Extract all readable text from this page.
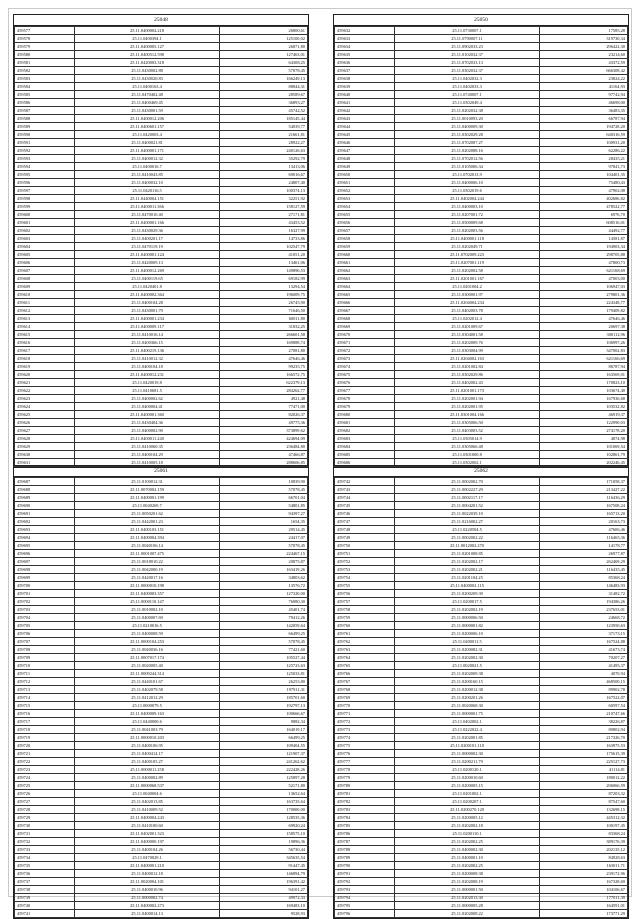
25048
459577	25.11.0400004.218	26800,61
459578	25.11.0400394.1	125100,02
459579	25.11.0400005.127	26871,80
459580	25.11.0400512.598	127463,01
459581	25.11.0420003.318	64308,25
459582	25.11.0430002.88	57078,45
459583	25.11.0430020.83	166249,13
459584	25.11.0400163.4	88844,31
459585	25.11.0470402.48	28589,67
459586	25.11.0400469.45	36893,27
459587	25.11.0430001.59	45742,52
459588	25.11.0400012.206	185145,44
459589	25.11.0400601.157	54039,77
459590	25.11.0420003.4	21661,81
459591	25.11.0400021.81	28922,27
459592	25.11.0400001.171	240126,63
459593	25.11.0400012.32	35292,79
459594	25.11.0400016.7	13413,06
459595	25.11.0410043.85	69016,67
459596	25.11.0400032.10	24807,40
459597	25.11.0420116.5	100374,13
459598	25.11.0440004.151	32251,92
459599	25.11.0400011.366	158127,59
459600	25.11.0470010.40	27171,81
459601	25.11.0400001.166	43453,52
459602	25.11.0430029.36	16327,99
459603	25.11.0400201.17	14733,86
459604	25.11.0470119.19	102547,79
459605	25.11.0400001.124	41051,20
459606	25.11.0420009.13	13461,06
459607	25.11.0400012.269	149896,53
459608	25.11.0400119.65	69182,99
459609	25.11.0420401.8	13294,54
459610	25.11.0400002.364	196009,75
459611	25.11.0400104.28	26745,90
459612	25.11.0430001.79	71646,50
459613	25.11.0400001.234	60011,80
459614	25.11.0400009.117	31832,25
459615	25.11.0410016.14	266601,58
459616	25.11.0400366.15	169888,74
459617	25.11.0400219.136	27081,80
459618	25.11.0410012.32	47646,46
459619	25.11.0400104.18	99235,75
459620	25.11.0400012.231	166572,75
459621	25.11.0420019.8	622379,13
459622	25.11.0410681.5	284262,77
459623	25.11.0400002.62	4921,48
459624	25.11.0400004.41	77471,00
459625	25.11.0400001.360	82026,37
459626	25.11.0430404.36	49775,36
459627	25.11.0400002.90	373899,62
459628	25.11.0400011.240	424694,09
459629	25.11.0410060.35	236484,80
459630	25.11.0400104.29	47466,87
459631	25.11.0410005.18	288606,85
25050
459632	25.11.0730007.1	17585,28
459633	25.11.0790007.11	319730,34
459634	25.11.0902033.23	296422,30
459635	25.11.0102032.37	23214,60
459636	25.11.0702033.13	43372,59
459637	25.11.0302032.37	666308,42
459638	25.11.0402032.3	23824,22
459639	25.11.0402033.3	41164,93
459640	25.11.0740007.1	97742,94
459641	25.11.0302049.4	46698,00
459642	25.11.0202032.38	36483,35
459643	25.11.0010093.20	66787,94
459644	25.11.0400009.30	194728,20
459645	25.11.0302029.28	640316,59
459646	25.11.0702087.27	100931,20
459647	25.11.0202088.16	62286,22
459648	25.11.0702012.56	28435,21
459649	25.11.0105006.34	97841,73
459650	25.11.0702013.9	104401,35
459651	25.11.0400006.10	75480,43
459652	25.11.0302019.6	47902,08
459653	25.11.0402004.244	402686,82
459654	25.11.0400003.10	478522,77
459655	25.11.0207001.72	6976,70
459656	25.11.0500009.68	608516,01
459657	25.11.0202003.56	44492,77
459658	25.11.0400001.118	14581,87
459659	25.11.0202049.71	194903,34
459660	25.11.0702009.223	298705,88
459661	25.11.0207001.119	47800,73
459662	25.11.0202002.58	621168,69
459663	25.11.0201001.167	47003,00
459664	25.11.0201004.2	106947,03
459665	25.11.0300001.97	279801,36
459666	25.11.0204004.234	224348,77
459667	25.11.0402003.78	179409,82
459668	25.11.0202012.4	47646,46
459669	25.11.0201009.67	20697,38
459670	25.11.0304001.58	300112,96
459671	25.11.0202009.76	106997,26
459672	25.11.0303004.99	347002,83
459673	25.11.0204002.163	621166,69
459674	25.11.0201002.84	86787,94
459675	25.11.0302029.86	163569,01
459676	25.11.0402002.43	170823,10
459677	25.11.0201001.173	103674,40
459678	25.11.0202001.94	167936,68
459679	25.11.0202001.95	103532,82
459680	25.11.0301004.166	46919,37
459681	25.11.0305006.50	122990,03
459682	25.11.0403003.52	274178,20
459683	25.11.0305014.9	4874,98
459684	25.11.0305066.48	101069,54
459685	25.11.0301000.8	102861,79
459686	25.11.0302002.1	202246,45
25061
459687	25.11.0100012.31	10839,90
459688	25.11.0070002.159	57078,45
459689	25.11.0400001.199	66701,04
459690	25.11.0040269.7	54801,85
459691	25.11.0050201.62	94397,27
459692	25.11.0442001.23	1654,35
459693	25.11.0400103.151	29514,45
459694	25.11.0400004.394	24417,07
459695	25.11.0040106.14	57078,45
459696	25.11.0001007.475	224467,15
459697	25.11.0018010.22	20875,87
459698	25.11.0042000.19	163419,26
459699	25.11.0420017.16	34803,62
459700	25.11.0000010.198	13576,72
459701	25.11.0400003.357	127320,00
459702	25.11.0000110.147	76080,30
459703	25.11.0010002.10	45401,74
459704	25.11.0400007.69	79412,26
459705	25.11.0210016.5	142059,64
459706	25.11.0400008.59	66499,25
459707	25.11.0000104.253	57078,45
459708	25.11.0040036.16	77421,60
459709	25.11.0007017.174	105527,44
459710	25.11.0020005.40	125723,63
459711	25.11.0009244.314	125033,81
459712	25.11.0440101.67	26253,80
459713	25.11.0402079.58	197911,31
459714	25.11.0412012.29	185701,60
459715	25.11.0000079.5	192797,13
459716	25.11.0400009.163	100666,67
459717	25.11.0440000.6	9882,34
459718	25.11.0041003.79	164019,17
459719	25.11.0000010.203	66499,25
459720	25.11.0400106.95	109404,55
459721	25.11.0400414.17	121907,37
459722	25.11.0400105.27	241262,62
459723	25.11.0000011.258	222428,26
459724	25.11.0400002.89	125897,28
459725	25.11.0000068.537	52171,80
459726	25.11.0040004.6	13652,64
459727	25.11.0402013.85	163735,64
459728	25.11.0410009.52	170000,00
459729	25.11.0400004.243	128535,36
459730	25.11.0410100.60	69920,24
459731	25.11.0402001.323	158575,10
459732	25.11.0400000.197	19896,36
459733	25.11.0400104.26	56730,44
459734	25.11.0470029.1	345635,54
459735	25.11.0400001.210	91447,45
459736	25.11.0400012.18	146894,79
459737	25.11.0020004.101	196391,42
459738	25.11.0400010.96	94101,27
459739	25.11.0000002.74	49972,33
459740	25.11.0400002.273	169483,10
459741	25.11.0400014.13	9528,93
25062
459742	25.11.0002002.70	171058,37
459743	25.11.0002227.29	213427,22
459744	25.11.0002117.17	116436,29
459745	25.11.0004201.52	167508,24
459746	25.11.0022039.10	165713,20
459747	25.11.0216002.27	20163,73
459748	25.11.0220504.5	47606,46
459749	25.11.0002002.22	116465,36
459750	25.11.0012002.270	14178,77
459751	25.11.0201008.85	26977,87
459752	25.11.0202002.17	262469,29
459753	25.11.0202002.21	116435,45
459754	25.11.0201104.25	85368,24
459755	25.11.0400002.115	146483,93
459756	25.11.0200209.39	31482,72
459757	25.11.0200017.5	194386,26
459758	25.11.0202002.19	237653,01
459759	25.11.0000006.50	24668,72
459760	25.11.0000001.82	123950,63
459761	25.11.0200006.10	37173,15
459762	25.11.0400011.5	167524,88
459763	25.11.0200082.31	41673,74
459764	25.11.0202002.30	70207,27
459765	25.11.0020021.5	41495,37
459766	25.11.0202009.38	4070,94
459767	25.11.0200160.15	468500,15
459768	25.11.0200012.38	89902,78
459769	25.11.0200201.26	167522,07
459770	25.11.0020068.30	60597,54
459771	25.11.0000001.75	210747,66
459772	25.11.0402002.1	38226,87
459773	25.11.0222022.4	80802,94
459774	25.11.0202001.85	217326,70
459775	25.11.0200101.110	163975,53
459776	25.11.0000002.30	175615,39
459777	25.11.0200211.79	225127,73
459778	25.11.0200120.1	41114,81
459779	25.11.0200010.60	180012,22
459780	25.11.0200005.15	206066,59
459781	25.11.0201002.1	87203,32
459782	25.11.0200207.1	87547,60
459783	25.11.0200270.120	132698,15
459784	25.11.0200005.12	445312,32
459785	25.11.0202002.18	100197,45
459786	25.11.0200110.1	83368,24
459787	25.11.0202002.25	389176,39
459788	25.11.0400002.30	202135,12
459789	25.11.0400001.10	84928,63
459790	25.11.0202002.25	163011,71
459791	25.11.0200008.38	239172,96
459792	25.11.0202008.19	167328,69
459793	25.11.0000001.50	104106,67
459794	25.11.0202013.30	177011,39
459795	25.11.0000005.28	164591,01
459796	25.11.0202008.22	173771,29
